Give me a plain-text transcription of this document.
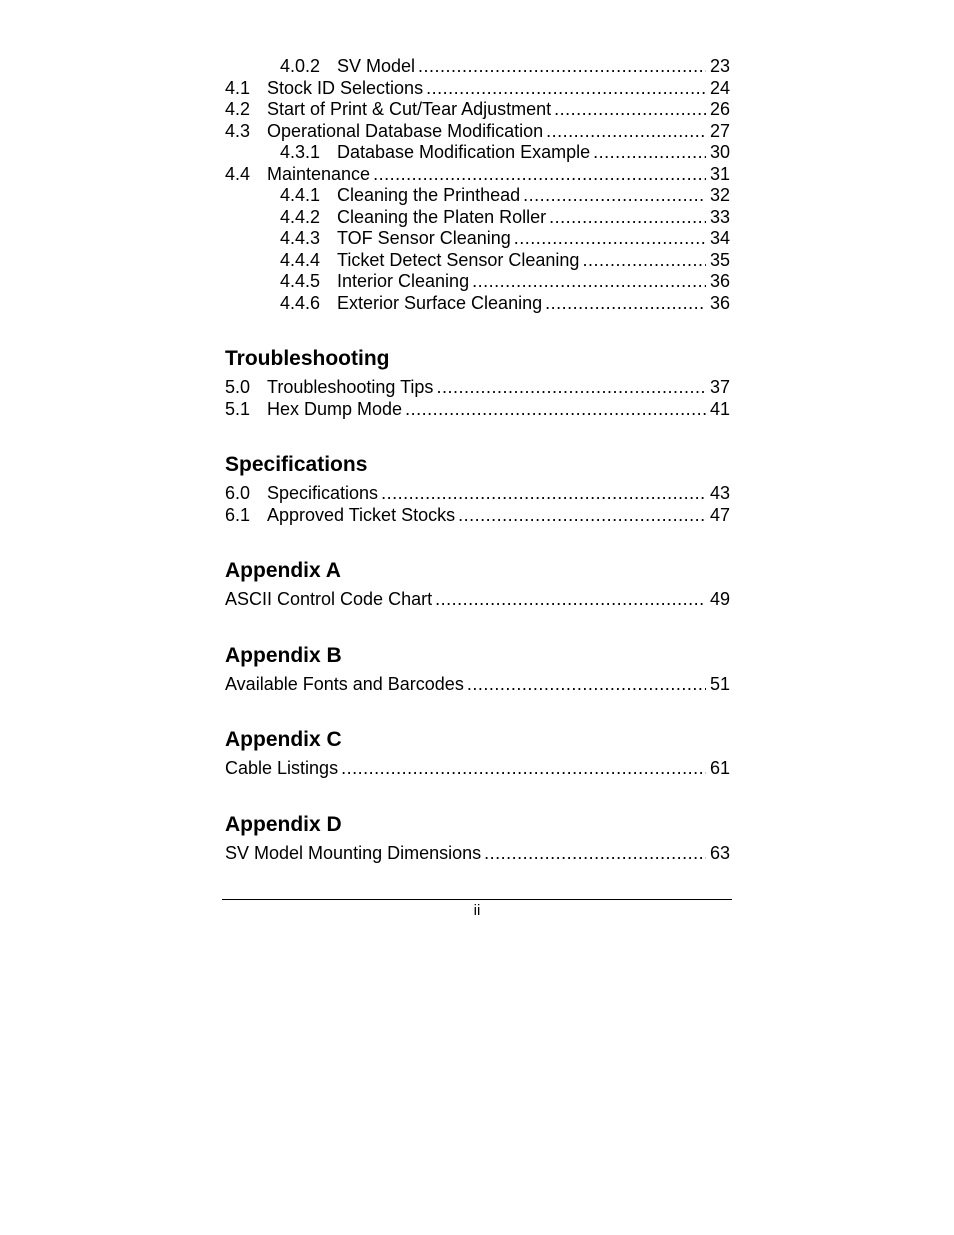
4.0.2 SV Model .....	23
4.1 Stock ID Selections .....	24
4.2 Start of Print & Cut/Tear Adjustment .....	26
4.3 Operational Database Modification .....	27
4.3.1 Database Modification Example .....	30
4.4 Maintenance .....	31
4.4.1 Cleaning the Printhead .....	32
4.4.2 Cleaning the Platen Roller .....	33
4.4.3 TOF Sensor Cleaning .....	34
4.4.4 Ticket Detect Sensor Cleaning .....	35
4.4.5 Interior Cleaning .....	36
4.4.6 Exterior Surface Cleaning .....	36
Troubleshooting
5.0 Troubleshooting Tips .....	37
5.1 Hex Dump Mode .....	41
Specifications
6.0 Specifications .....	43
6.1 Approved Ticket Stocks .....	47
Appendix A
ASCII Control Code Chart .....	49
Appendix B
Available Fonts and Barcodes .....	51
Appendix C
Cable Listings .....	61
Appendix D
SV Model Mounting Dimensions .....	63
ii
